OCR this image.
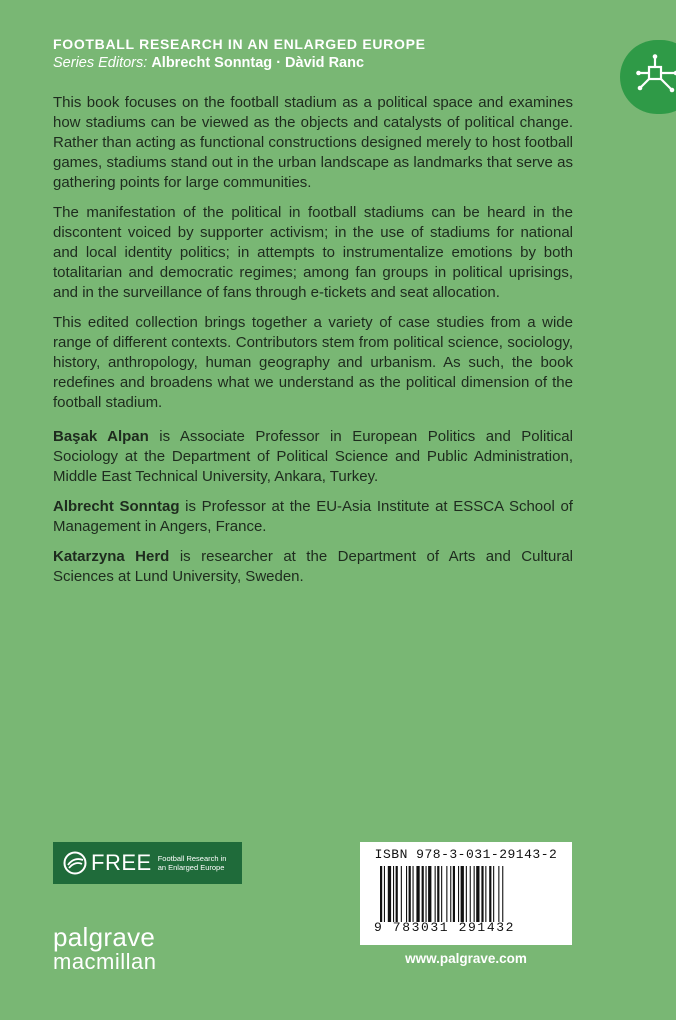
FOOTBALL RESEARCH IN AN ENLARGED EUROPE
Series Editors: Albrecht Sonntag · Dàvid Ranc

This book focuses on the football stadium as a political space and examines how stadiums can be viewed as the objects and catalysts of political change. Rather than acting as functional constructions designed merely to host football games, stadiums stand out in the urban landscape as landmarks that serve as gathering points for large communities.

The manifestation of the political in football stadiums can be heard in the discontent voiced by supporter activism; in the use of stadiums for national and local identity politics; in attempts to instrumentalize emotions by both totalitarian and democratic regimes; among fan groups in political uprisings, and in the surveillance of fans through e-tickets and seat allocation.

This edited collection brings together a variety of case studies from a wide range of different contexts. Contributors stem from political science, sociology, history, anthropology, human geography and urbanism. As such, the book redefines and broadens what we understand as the political dimension of the football stadium.

Başak Alpan is Associate Professor in European Politics and Political Sociology at the Department of Political Science and Public Administration, Middle East Technical University, Ankara, Turkey.

Albrecht Sonntag is Professor at the EU-Asia Institute at ESSCA School of Management in Angers, France.

Katarzyna Herd is researcher at the Department of Arts and Cultural Sciences at Lund University, Sweden.

FREE Football Research in an Enlarged Europe
palgrave
macmillan
ISBN 978-3-031-29143-2
9 783031 291432
www.palgrave.com
